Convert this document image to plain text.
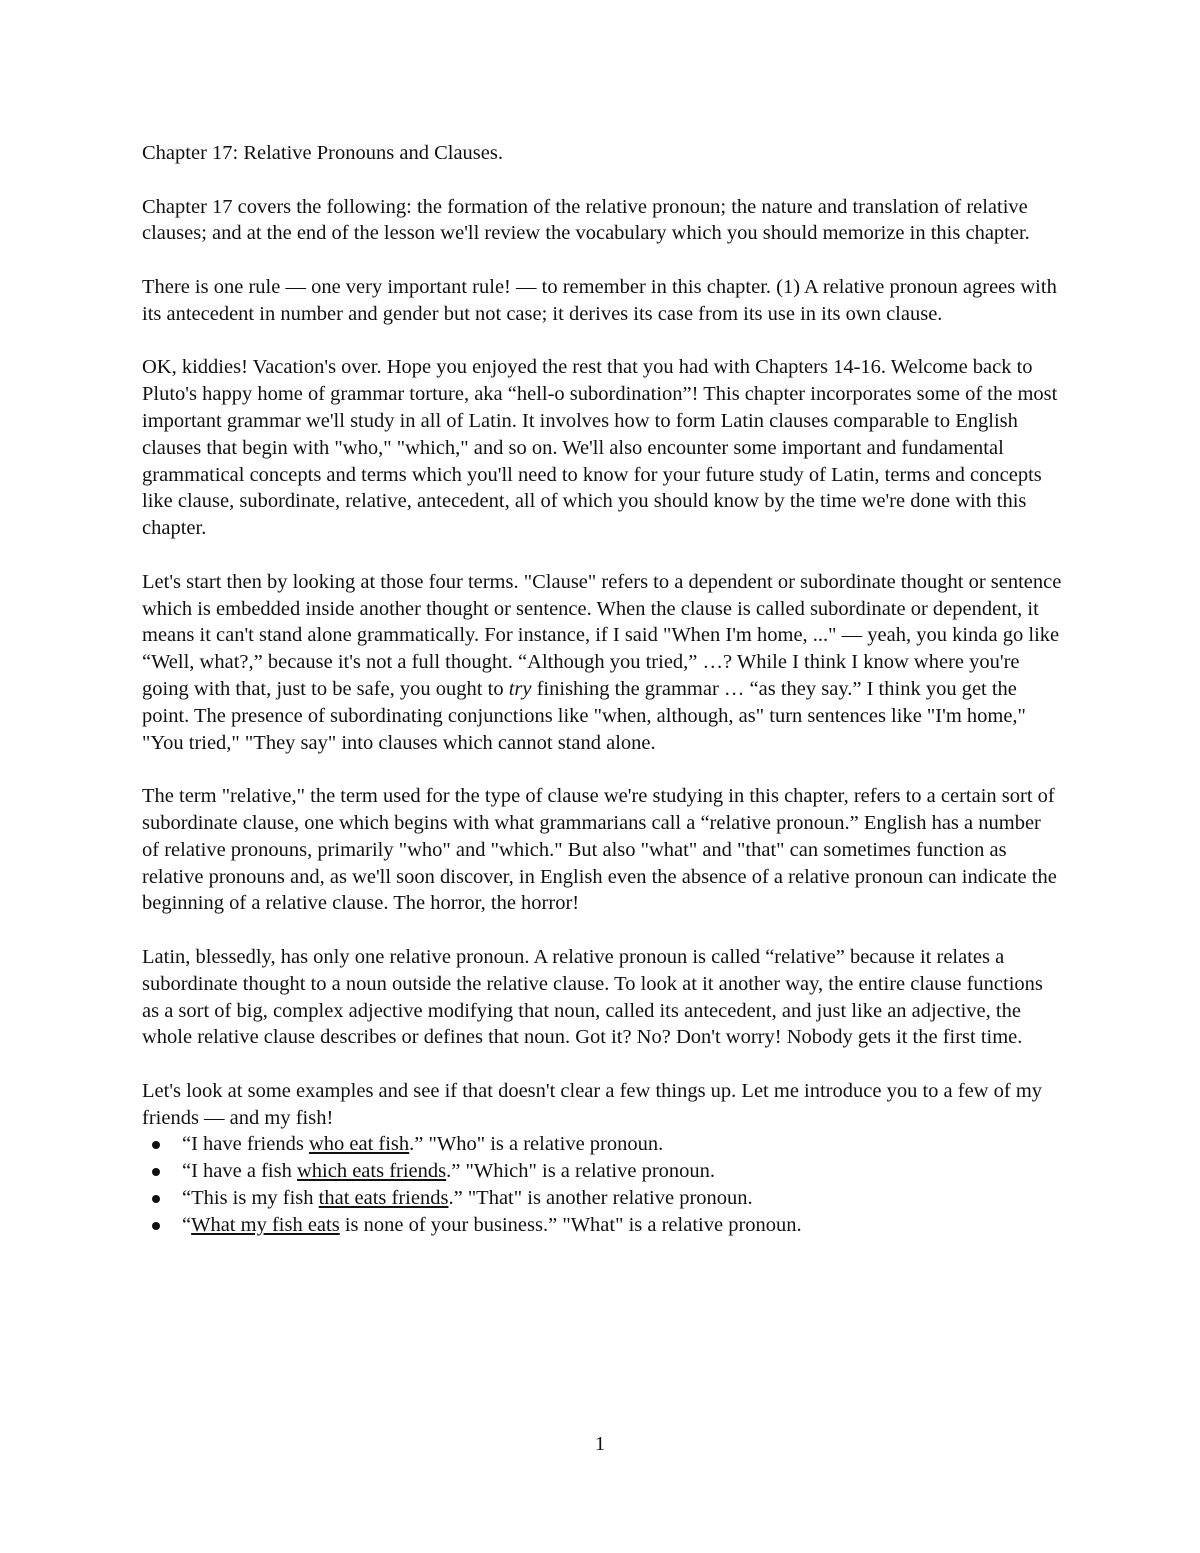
Chapter 17: Relative Pronouns and Clauses.

Chapter 17 covers the following: the formation of the relative pronoun; the nature and translation of relative clauses; and at the end of the lesson we'll review the vocabulary which you should memorize in this chapter.

There is one rule — one very important rule! — to remember in this chapter. (1) A relative pronoun agrees with its antecedent in number and gender but not case; it derives its case from its use in its own clause.

OK, kiddies! Vacation's over. Hope you enjoyed the rest that you had with Chapters 14-16. Welcome back to Pluto's happy home of grammar torture, aka “hell-o subordination”! This chapter incorporates some of the most important grammar we'll study in all of Latin. It involves how to form Latin clauses comparable to English clauses that begin with "who," "which," and so on. We'll also encounter some important and fundamental grammatical concepts and terms which you'll need to know for your future study of Latin, terms and concepts like clause, subordinate, relative, antecedent, all of which you should know by the time we're done with this chapter.

Let's start then by looking at those four terms. "Clause" refers to a dependent or subordinate thought or sentence which is embedded inside another thought or sentence. When the clause is called subordinate or dependent, it means it can't stand alone grammatically. For instance, if I said "When I'm home, ..." — yeah, you kinda go like “Well, what?,” because it's not a full thought. “Although you tried,” …? While I think I know where you're going with that, just to be safe, you ought to try finishing the grammar … “as they say.” I think you get the point. The presence of subordinating conjunctions like "when, although, as" turn sentences like "I'm home," "You tried," "They say" into clauses which cannot stand alone.

The term "relative," the term used for the type of clause we're studying in this chapter, refers to a certain sort of subordinate clause, one which begins with what grammarians call a “relative pronoun.” English has a number of relative pronouns, primarily "who" and "which." But also "what" and "that" can sometimes function as relative pronouns and, as we'll soon discover, in English even the absence of a relative pronoun can indicate the beginning of a relative clause. The horror, the horror!

Latin, blessedly, has only one relative pronoun. A relative pronoun is called “relative” because it relates a subordinate thought to a noun outside the relative clause. To look at it another way, the entire clause functions as a sort of big, complex adjective modifying that noun, called its antecedent, and just like an adjective, the whole relative clause describes or defines that noun. Got it? No? Don't worry! Nobody gets it the first time.

Let's look at some examples and see if that doesn't clear a few things up. Let me introduce you to a few of my friends — and my fish!

“I have friends who eat fish.” "Who" is a relative pronoun.
“I have a fish which eats friends.” "Which" is a relative pronoun.
“This is my fish that eats friends.” "That" is another relative pronoun.
“What my fish eats is none of your business.” "What" is a relative pronoun.
1
